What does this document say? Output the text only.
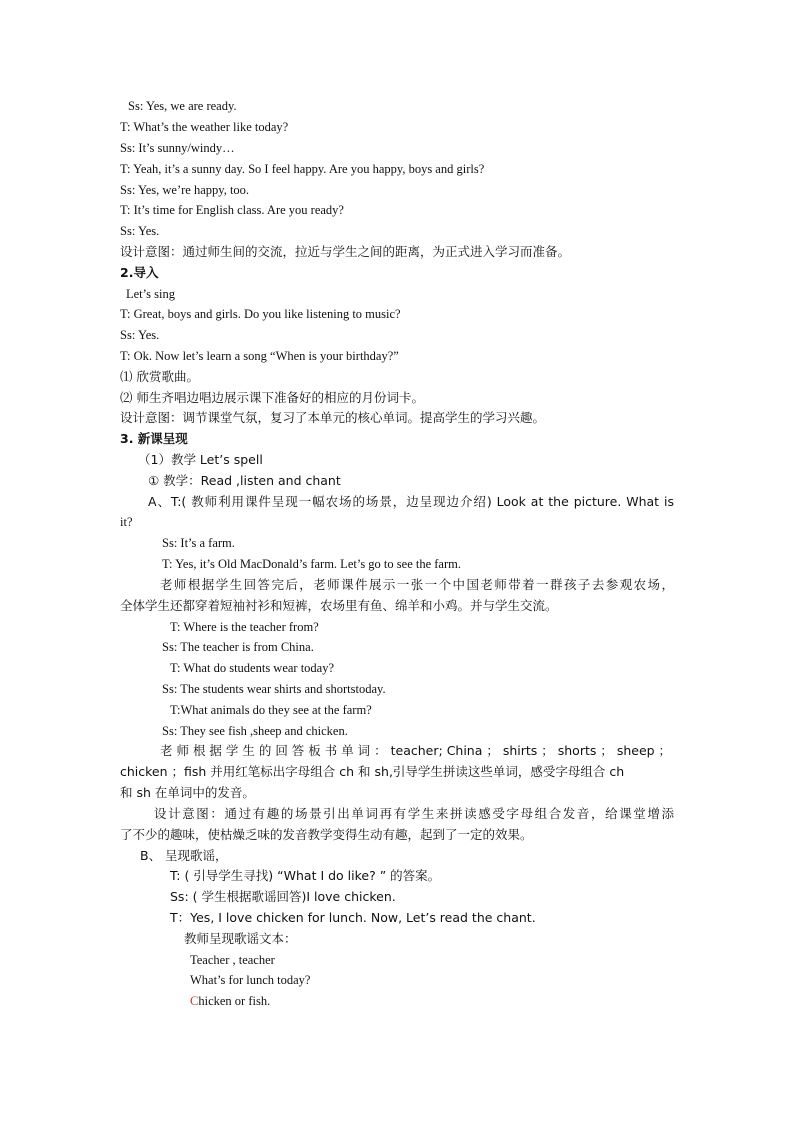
Ss: Yes, we are ready.
T: What’s the weather like today?
Ss: It’s sunny/windy…
T: Yeah, it’s a sunny day. So I feel happy. Are you happy, boys and girls?
Ss: Yes, we’re happy, too.
T: It’s time for English class. Are you ready?
Ss: Yes.
设计意图：通过师生间的交流，拉近与学生之间的距离，为正式进入学习而准备。
2.导入
Let’s sing
T: Great, boys and girls. Do you like listening to music?
Ss: Yes.
T: Ok. Now let’s learn a song “When is your birthday?”
⑴ 欣赏歌曲。
⑵ 师生齐唱边唱边展示课下准备好的相应的月份词卡。
设计意图：调节课堂气氛，复习了本单元的核心单词。提高学生的学习兴趣。
3. 新课呈现
（1）教学 Let’s spell
① 教学：Read ,listen and chant
A、T:( 教师利用课件呈现一幅农场的场景，边呈现边介绍) Look at the picture. What is
it?
Ss: It’s a farm.
T: Yes, it’s Old MacDonald’s farm. Let’s go to see the farm.
老师根据学生回答完后，老师课件展示一张一个中国老师带着一群孩子去参观农场，
全体学生还都穿着短袖衬衫和短裤，农场里有鱼、绵羊和小鸡。并与学生交流。
T: Where is the teacher from?
Ss: The teacher is from China.
T: What do students wear today?
Ss: The students wear shirts and shortstoday.
T:What animals do they see at the farm?
Ss: They see fish ,sheep and chicken.
老 师 根 据 学 生 的 回 答 板 书 单 词 ： teacher; China ； shirts ； shorts ； sheep ；
chicken ；fish 并用红笔标出字母组合 ch 和 sh,引导学生拼读这些单词，感受字母组合 ch
和 sh 在单词中的发音。
设计意图：通过有趣的场景引出单词再有学生来拼读感受字母组合发音，给课堂增添
了不少的趣味，使枯燥乏味的发音教学变得生动有趣，起到了一定的效果。
B、 呈现歌谣，
T: ( 引导学生寻找) “What I do like? ” 的答案。
Ss: ( 学生根据歌谣回答)I love chicken.
T：Yes, I love chicken for lunch. Now, Let’s read the chant.
教师呈现歌谣文本：
Teacher , teacher
What’s for lunch today?
Chicken or fish.
